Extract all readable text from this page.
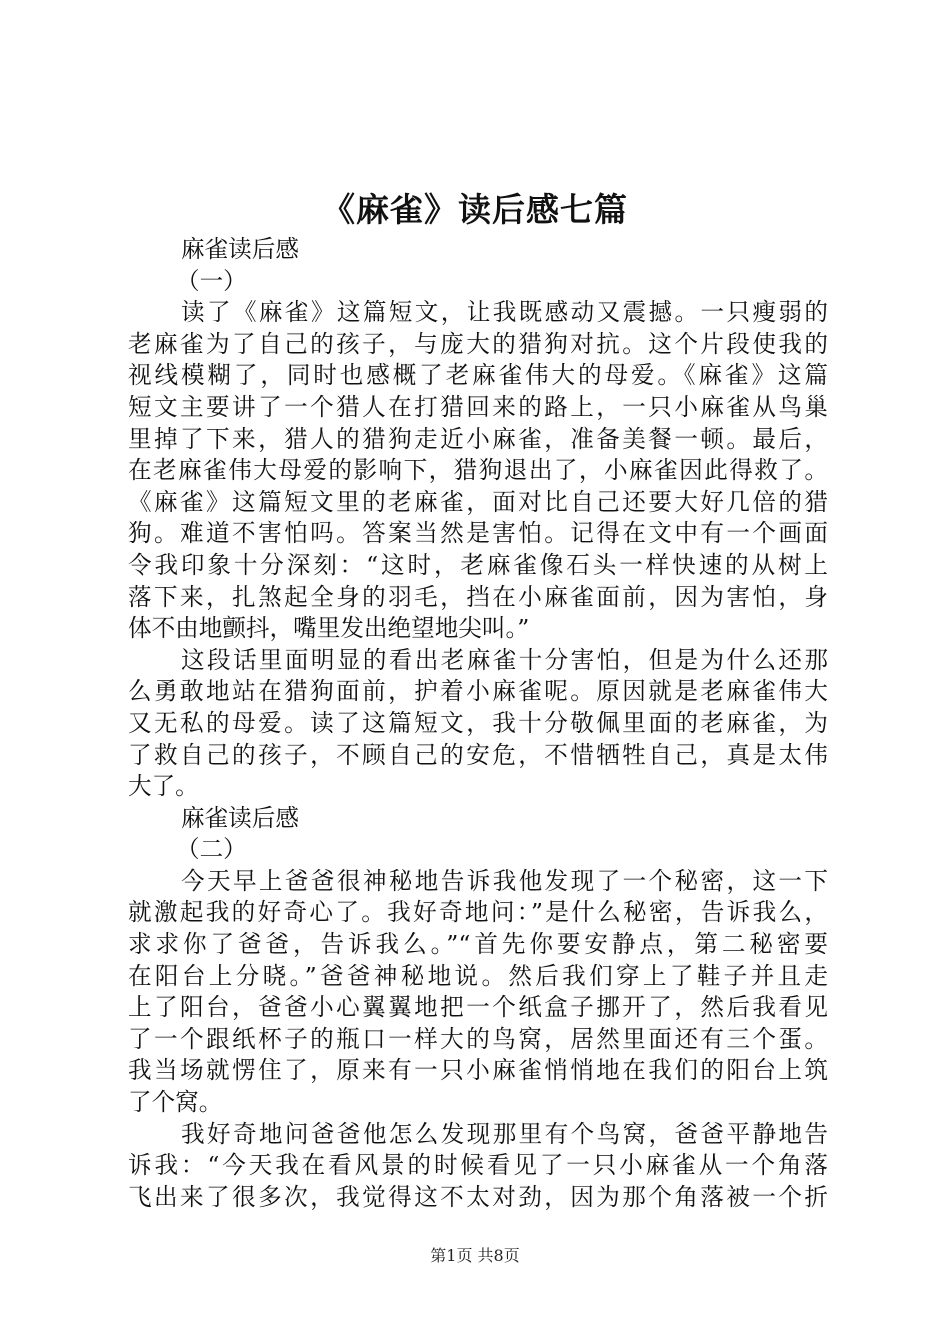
《麻雀》读后感七篇
麻雀读后感
（一）
读了《麻雀》这篇短文，让我既感动又震撼。一只瘦弱的
老麻雀为了自己的孩子，与庞大的猎狗对抗。这个片段使我的
视线模糊了，同时也感概了老麻雀伟大的母爱。《麻雀》这篇
短文主要讲了一个猎人在打猎回来的路上，一只小麻雀从鸟巢
里掉了下来，猎人的猎狗走近小麻雀，准备美餐一顿。最后，
在老麻雀伟大母爱的影响下，猎狗退出了，小麻雀因此得救了。
《麻雀》这篇短文里的老麻雀，面对比自己还要大好几倍的猎
狗。难道不害怕吗。答案当然是害怕。记得在文中有一个画面
令我印象十分深刻：“这时，老麻雀像石头一样快速的从树上
落下来，扎煞起全身的羽毛，挡在小麻雀面前，因为害怕，身
体不由地颤抖，嘴里发出绝望地尖叫。”
这段话里面明显的看出老麻雀十分害怕，但是为什么还那
么勇敢地站在猎狗面前，护着小麻雀呢。原因就是老麻雀伟大
又无私的母爱。读了这篇短文，我十分敬佩里面的老麻雀，为
了救自己的孩子，不顾自己的安危，不惜牺牲自己，真是太伟
大了。
麻雀读后感
（二）
今天早上爸爸很神秘地告诉我他发现了一个秘密，这一下
就激起我的好奇心了。我好奇地问：”是什么秘密，告诉我么，
求求你了爸爸，告诉我么。”“首先你要安静点，第二秘密要
在阳台上分晓。”爸爸神秘地说。然后我们穿上了鞋子并且走
上了阳台，爸爸小心翼翼地把一个纸盒子挪开了，然后我看见
了一个跟纸杯子的瓶口一样大的鸟窝，居然里面还有三个蛋。
我当场就愣住了，原来有一只小麻雀悄悄地在我们的阳台上筑
了个窝。
我好奇地问爸爸他怎么发现那里有个鸟窝，爸爸平静地告
诉我：“今天我在看风景的时候看见了一只小麻雀从一个角落
飞出来了很多次，我觉得这不太对劲，因为那个角落被一个折
第1页 共8页
